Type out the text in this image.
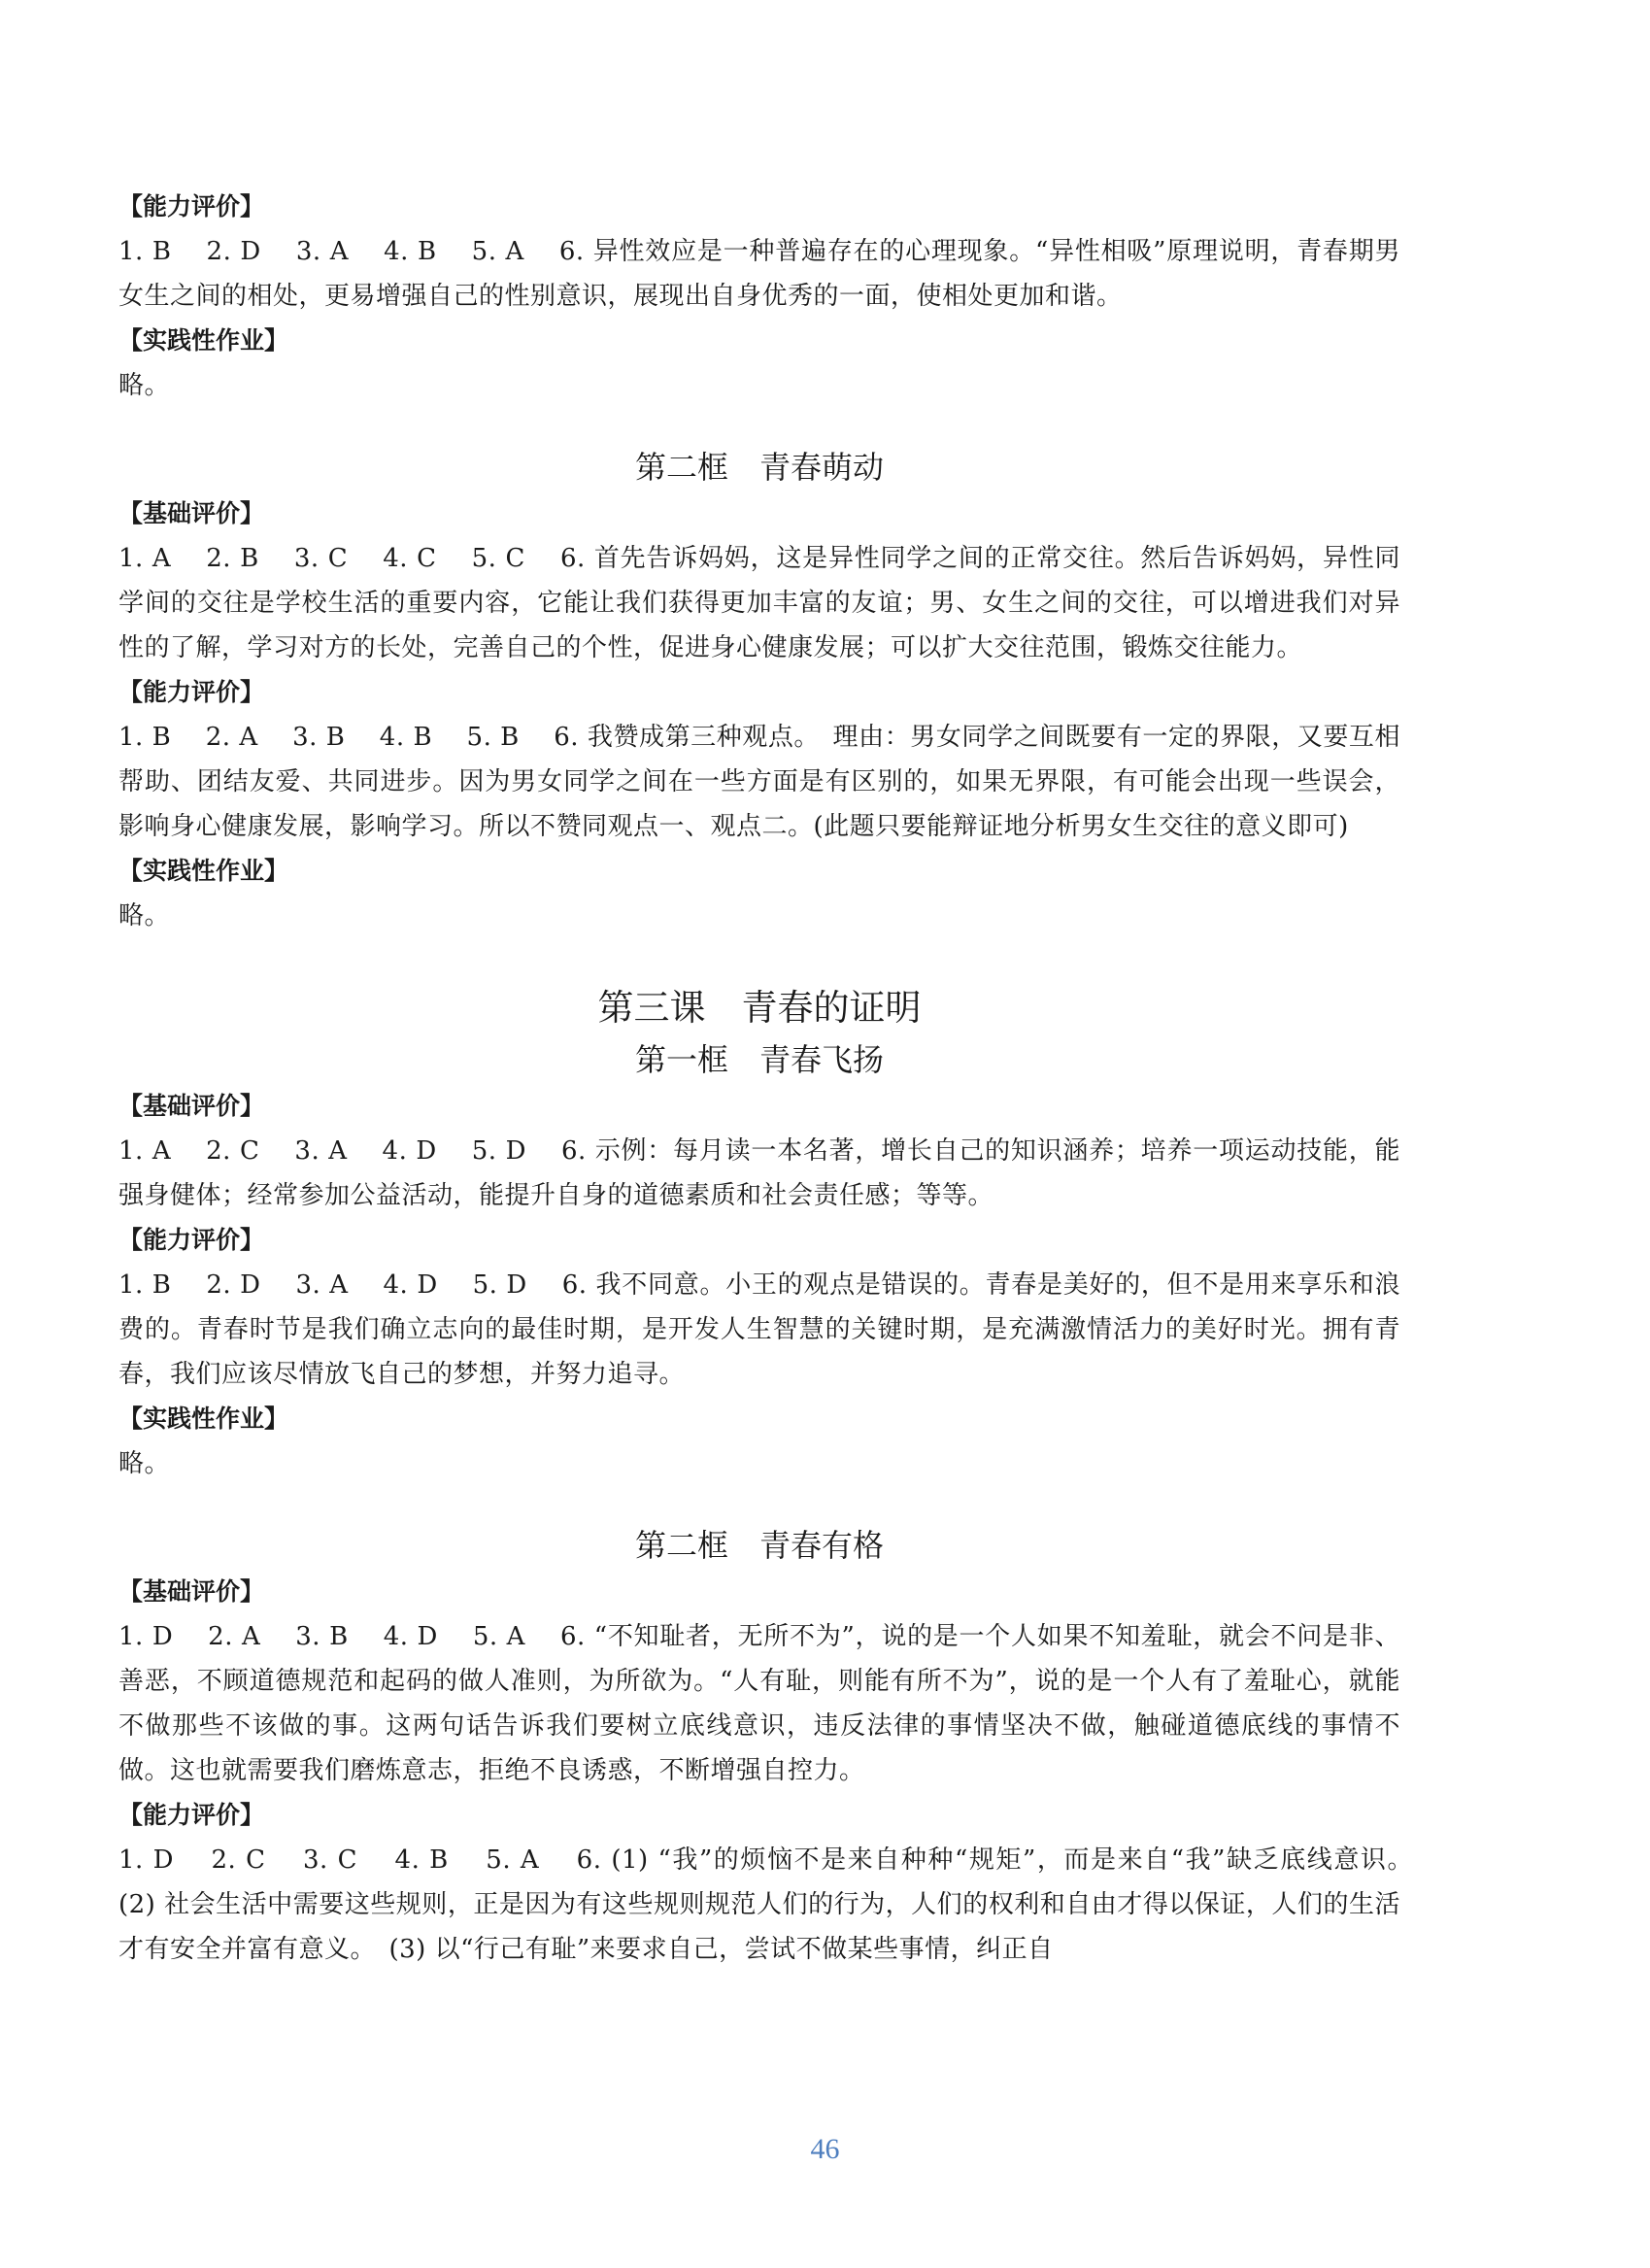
【能力评价】

1. B　 2. D　 3. A　 4. B　 5. A　 6. 异性效应是一种普遍存在的心理现象。“异性相吸”原理说明，青春期男女生之间的相处，更易增强自己的性别意识，展现出自身优秀的一面，使相处更加和谐。

【实践性作业】

略。

第二框　青春萌动

【基础评价】

1. A　 2. B　 3. C　 4. C　 5. C　 6. 首先告诉妈妈，这是异性同学之间的正常交往。然后告诉妈妈，异性同学间的交往是学校生活的重要内容，它能让我们获得更加丰富的友谊；男、女生之间的交往，可以增进我们对异性的了解，学习对方的长处，完善自己的个性，促进身心健康发展；可以扩大交往范围，锻炼交往能力。

【能力评价】

1. B　 2. A　 3. B　 4. B　 5. B　 6. 我赞成第三种观点。　理由：男女同学之间既要有一定的界限，又要互相帮助、团结友爱、共同进步。因为男女同学之间在一些方面是有区别的，如果无界限，有可能会出现一些误会，影响身心健康发展，影响学习。所以不赞同观点一、观点二。(此题只要能辩证地分析男女生交往的意义即可)

【实践性作业】

略。

第三课　青春的证明

第一框　青春飞扬

【基础评价】

1. A　 2. C　 3. A　 4. D　 5. D　 6. 示例：每月读一本名著，增长自己的知识涵养；培养一项运动技能，能强身健体；经常参加公益活动，能提升自身的道德素质和社会责任感；等等。

【能力评价】

1. B　 2. D　 3. A　 4. D　 5. D　 6. 我不同意。小王的观点是错误的。青春是美好的，但不是用来享乐和浪费的。青春时节是我们确立志向的最佳时期，是开发人生智慧的关键时期，是充满激情活力的美好时光。拥有青春，我们应该尽情放飞自己的梦想，并努力追寻。

【实践性作业】

略。

第二框　青春有格

【基础评价】

1. D　 2. A　 3. B　 4. D　 5. A　 6. “不知耻者，无所不为”，说的是一个人如果不知羞耻，就会不问是非、善恶，不顾道德规范和起码的做人准则，为所欲为。“人有耻，则能有所不为”，说的是一个人有了羞耻心，就能不做那些不该做的事。这两句话告诉我们要树立底线意识，违反法律的事情坚决不做，触碰道德底线的事情不做。这也就需要我们磨炼意志，拒绝不良诱惑，不断增强自控力。

【能力评价】

1. D　 2. C　 3. C　 4. B　 5. A　 6. (1) “我”的烦恼不是来自种种“规矩”，而是来自“我”缺乏底线意识。　(2) 社会生活中需要这些规则，正是因为有这些规则规范人们的行为，人们的权利和自由才得以保证，人们的生活才有安全并富有意义。　(3) 以“行己有耻”来要求自己，尝试不做某些事情，纠正自

46
